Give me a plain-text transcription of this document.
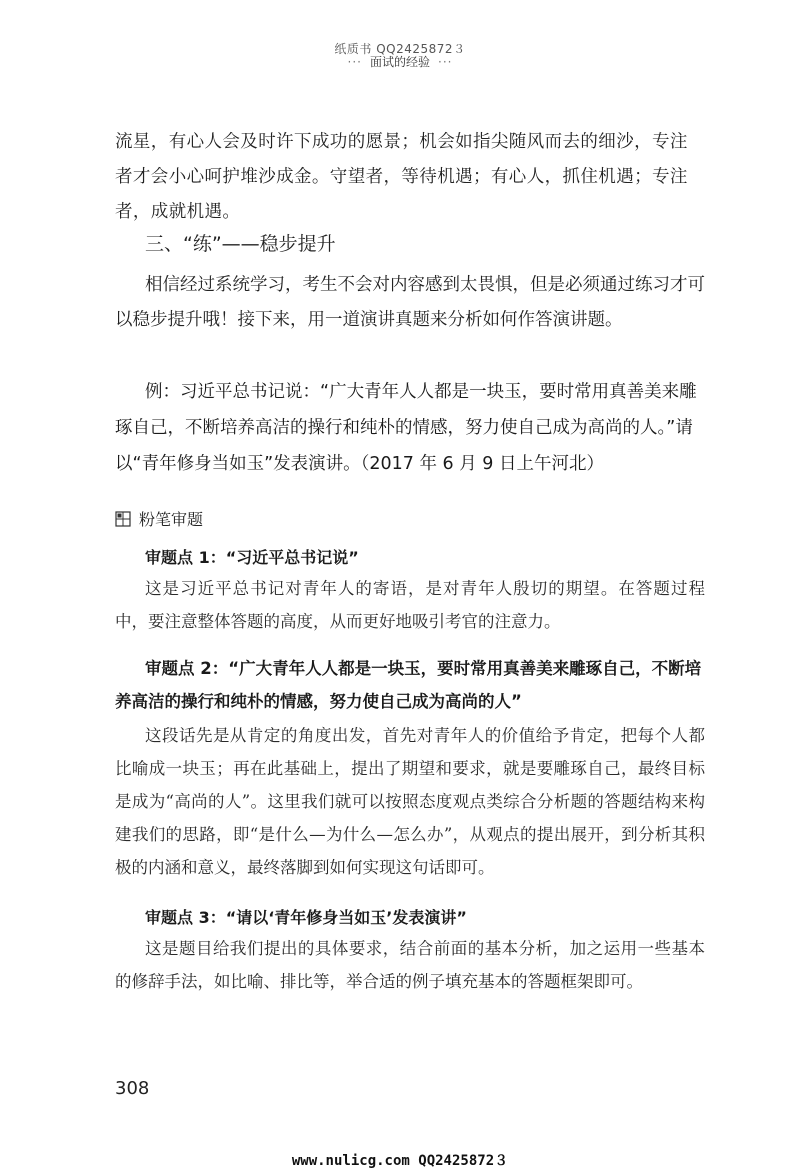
纸质书 QQ2425872３
··· 面试的经验 ···
流星，有心人会及时许下成功的愿景；机会如指尖随风而去的细沙，专注者才会小心呵护堆沙成金。守望者，等待机遇；有心人，抓住机遇；专注者，成就机遇。
三、“练”——稳步提升
相信经过系统学习，考生不会对内容感到太畏惧，但是必须通过练习才可以稳步提升哦！接下来，用一道演讲真题来分析如何作答演讲题。
例：习近平总书记说：“广大青年人人都是一块玉，要时常用真善美来雕琢自己，不断培养高洁的操行和纯朴的情感，努力使自己成为高尚的人。”请以“青年修身当如玉”发表演讲。（2017 年 6 月 9 日上午河北）
粉笔审题
审题点 1：“习近平总书记说”
这是习近平总书记对青年人的寄语，是对青年人殷切的期望。在答题过程中，要注意整体答题的高度，从而更好地吸引考官的注意力。
审题点 2：“广大青年人人都是一块玉，要时常用真善美来雕琢自己，不断培养高洁的操行和纯朴的情感，努力使自己成为高尚的人”
这段话先是从肯定的角度出发，首先对青年人的价值给予肯定，把每个人都比喻成一块玉；再在此基础上，提出了期望和要求，就是要雕琢自己，最终目标是成为“高尚的人”。这里我们就可以按照态度观点类综合分析题的答题结构来构建我们的思路，即“是什么—为什么—怎么办”，从观点的提出展开，到分析其积极的内涵和意义，最终落脚到如何实现这句话即可。
审题点 3：“请以‘青年修身当如玉’发表演讲”
这是题目给我们提出的具体要求，结合前面的基本分析，加之运用一些基本的修辞手法，如比喻、排比等，举合适的例子填充基本的答题框架即可。
308
www.nulicg.com QQ2425872３
